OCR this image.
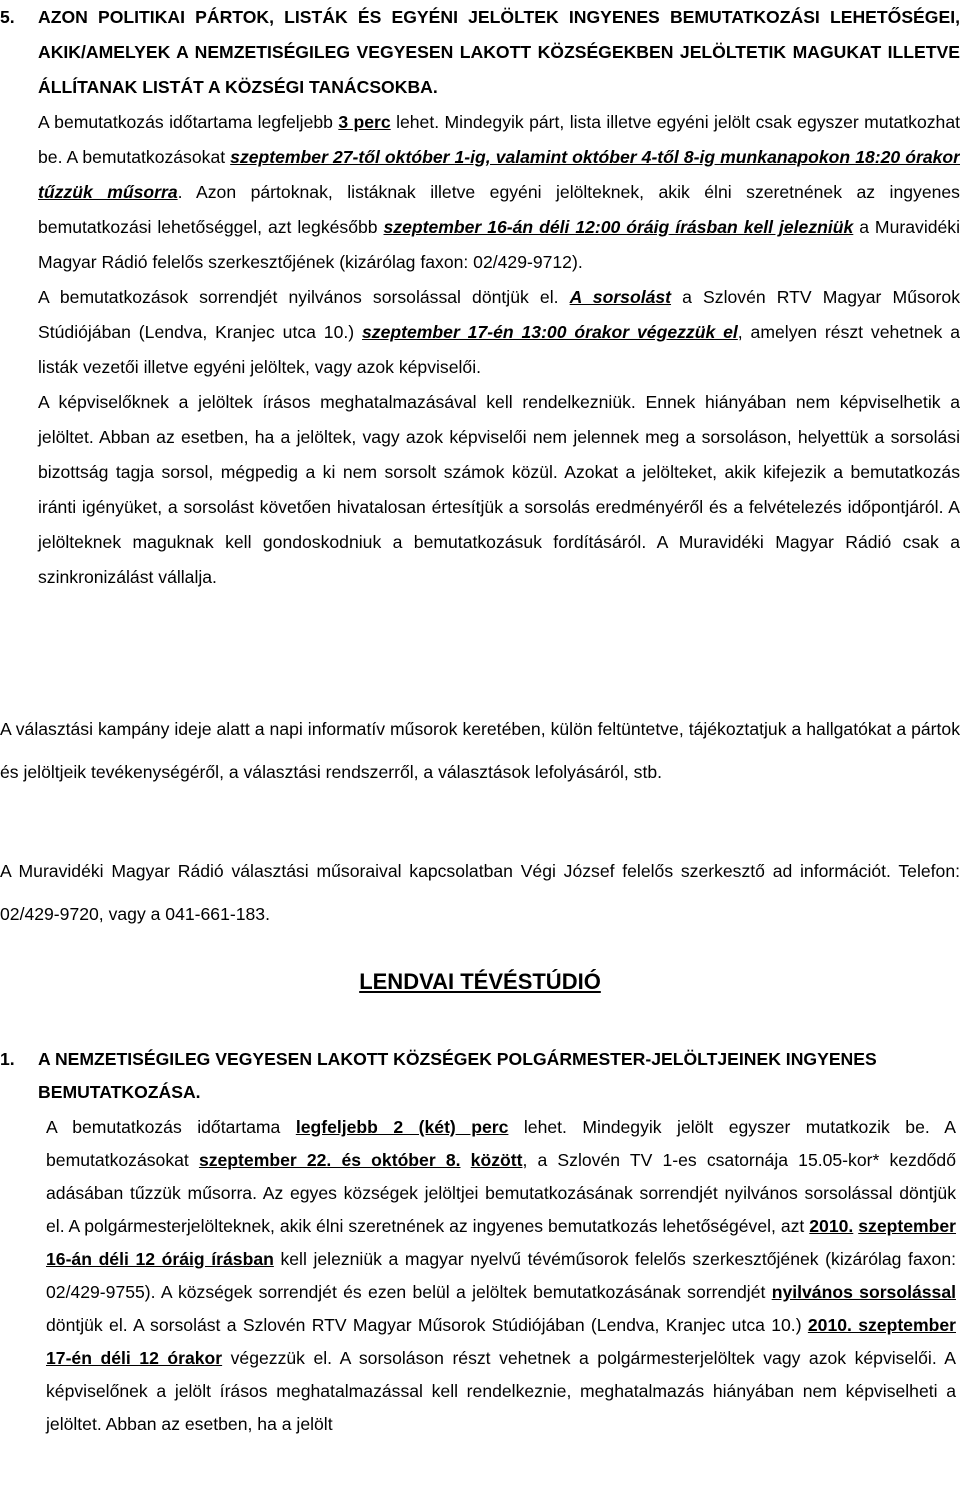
5.	AZON POLITIKAI PÁRTOK, LISTÁK ÉS EGYÉNI JELÖLTEK INGYENES BEMUTATKOZÁSI LEHETŐSÉGEI, AKIK/AMELYEK A NEMZETISÉGILEG VEGYESEN LAKOTT KÖZSÉGEKBEN JELÖLTETIK MAGUKAT ILLETVE ÁLLÍTANAK LISTÁT A KÖZSÉGI TANÁCSOKBA.

A bemutatkozás időtartama legfeljebb 3 perc lehet. Mindegyik párt, lista illetve egyéni jelölt csak egyszer mutatkozhat be. A bemutatkozásokat szeptember 27-től október 1-ig, valamint október 4-től 8-ig munkanapokon 18:20 órakor tűzzük műsorra. Azon pártoknak, listáknak illetve egyéni jelölteknek, akik élni szeretnének az ingyenes bemutatkozási lehetőséggel, azt legkésőbb szeptember 16-án déli 12:00 óráig írásban kell jelezniük a Muravidéki Magyar Rádió felelős szerkesztőjének (kizárólag faxon: 02/429-9712).

A bemutatkozások sorrendjét nyilvános sorsolással döntjük el. A sorsolást a Szlovén RTV Magyar Műsorok Stúdiójában (Lendva, Kranjec utca 10.) szeptember 17-én 13:00 órakor végezzük el, amelyen részt vehetnek a listák vezetői illetve egyéni jelöltek, vagy azok képviselői.

A képviselőknek a jelöltek írásos meghatalmazásával kell rendelkezniük. Ennek hiányában nem képviselhetik a jelöltet. Abban az esetben, ha a jelöltek, vagy azok képviselői nem jelennek meg a sorsoláson, helyettük a sorsolási bizottság tagja sorsol, mégpedig a ki nem sorsolt számok közül. Azokat a jelölteket, akik kifejezik a bemutatkozás iránti igényüket, a sorsolást követően hivatalosan értesítjük a sorsolás eredményéről és a felvételezés időpontjáról. A jelölteknek maguknak kell gondoskodniuk a bemutatkozásuk fordításáról. A Muravidéki Magyar Rádió csak a szinkronizálást vállalja.

A választási kampány ideje alatt a napi informatív műsorok keretében, külön feltüntetve, tájékoztatjuk a hallgatókat a pártok és jelöltjeik tevékenységéről, a választási rendszerről, a választások lefolyásáról, stb.

A Muravidéki Magyar Rádió választási műsoraival kapcsolatban Végi József felelős szerkesztő ad információt. Telefon: 02/429-9720, vagy a 041-661-183.

LENDVAI TÉVÉSTÚDIÓ
1.	A NEMZETISÉGILEG VEGYESEN LAKOTT KÖZSÉGEK POLGÁRMESTER-JELÖLTJEINEK INGYENES BEMUTATKOZÁSA.

A bemutatkozás időtartama legfeljebb 2 (két) perc lehet. Mindegyik jelölt egyszer mutatkozik be. A bemutatkozásokat szeptember 22. és október 8. között, a Szlovén TV 1-es csatornája 15.05-kor* kezdődő adásában tűzzük műsorra. Az egyes községek jelöltjei bemutatkozásának sorrendjét nyilvános sorsolással döntjük el. A polgármesterjelölteknek, akik élni szeretnének az ingyenes bemutatkozás lehetőségével, azt 2010. szeptember 16-án déli 12 óráig írásban kell jelezniük a magyar nyelvű tévéműsorok felelős szerkesztőjének (kizárólag faxon: 02/429-9755). A községek sorrendjét és ezen belül a jelöltek bemutatkozásának sorrendjét nyilvános sorsolással döntjük el. A sorsolást a Szlovén RTV Magyar Műsorok Stúdiójában (Lendva, Kranjec utca 10.) 2010. szeptember 17-én déli 12 órakor végezzük el. A sorsoláson részt vehetnek a polgármesterjelöltek vagy azok képviselői. A képviselőnek a jelölt írásos meghatalmazással kell rendelkeznie, meghatalmazás hiányában nem képviselheti a jelöltet. Abban az esetben, ha a jelölt
